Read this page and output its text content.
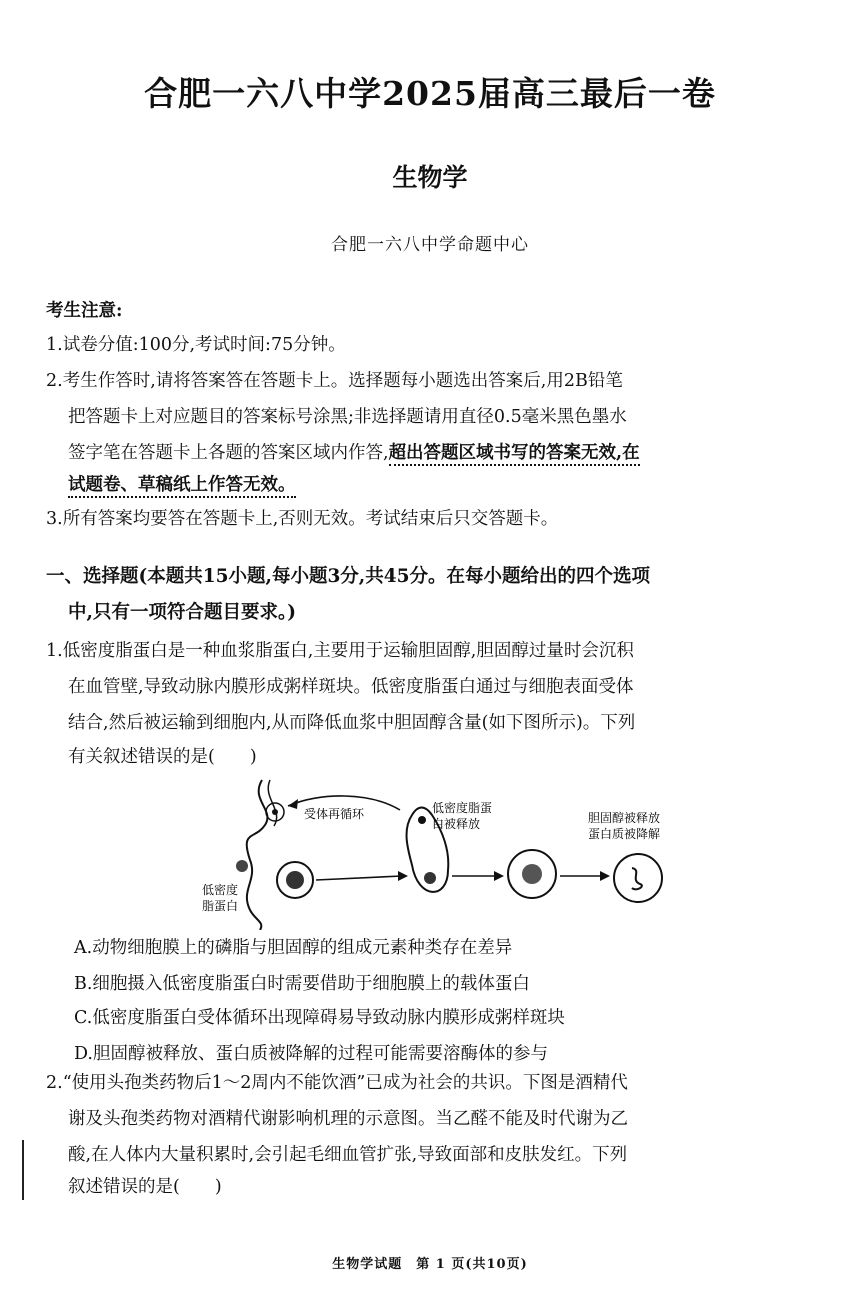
合肥一六八中学2025届高三最后一卷
生物学
合肥一六八中学命题中心
考生注意:
1.试卷分值:100分,考试时间:75分钟。
2.考生作答时,请将答案答在答题卡上。选择题每小题选出答案后,用2B铅笔
把答题卡上对应题目的答案标号涂黑;非选择题请用直径0.5毫米黑色墨水
签字笔在答题卡上各题的答案区域内作答,超出答题区域书写的答案无效,在
试题卷、草稿纸上作答无效。
3.所有答案均要答在答题卡上,否则无效。考试结束后只交答题卡。
一、选择题(本题共15小题,每小题3分,共45分。在每小题给出的四个选项
中,只有一项符合题目要求。)
1.低密度脂蛋白是一种血浆脂蛋白,主要用于运输胆固醇,胆固醇过量时会沉积
在血管壁,导致动脉内膜形成粥样斑块。低密度脂蛋白通过与细胞表面受体
结合,然后被运输到细胞内,从而降低血浆中胆固醇含量(如下图所示)。下列
有关叙述错误的是(　　)
受体再循环	低密度脂蛋
白被释放	胆固醇被释放
蛋白质被降解
低密度
脂蛋白
A.动物细胞膜上的磷脂与胆固醇的组成元素种类存在差异
B.细胞摄入低密度脂蛋白时需要借助于细胞膜上的载体蛋白
C.低密度脂蛋白受体循环出现障碍易导致动脉内膜形成粥样斑块
D.胆固醇被释放、蛋白质被降解的过程可能需要溶酶体的参与
2.“使用头孢类药物后1～2周内不能饮酒”已成为社会的共识。下图是酒精代
谢及头孢类药物对酒精代谢影响机理的示意图。当乙醛不能及时代谢为乙
酸,在人体内大量积累时,会引起毛细血管扩张,导致面部和皮肤发红。下列
叙述错误的是(　　)
生物学试题　第 1 页(共10页)
